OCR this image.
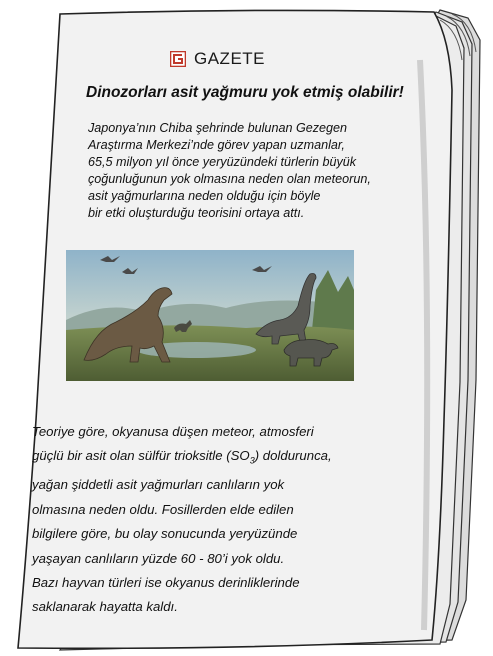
GAZETE
Dinozorları asit yağmuru yok etmiş olabilir!
Japonya’nın Chiba şehrinde bulunan Gezegen
Araştırma Merkezi’nde görev yapan uzmanlar,
65,5 milyon yıl önce yeryüzündeki türlerin büyük
çoğunluğunun yok olmasına neden olan meteorun,
asit yağmurlarına neden olduğu için böyle
bir etki oluşturduğu teorisini ortaya attı.
Teoriye göre, okyanusa düşen meteor, atmosferi
güçlü bir asit olan sülfür trioksitle $(SO_3)$ doldurunca,
yağan şiddetli asit yağmurları canlıların yok
olmasına neden oldu. Fosillerden elde edilen
bilgilere göre, bu olay sonucunda yeryüzünde
yaşayan canlıların yüzde 60 - 80’i yok oldu.
Bazı hayvan türleri ise okyanus derinliklerinde
saklanarak hayatta kaldı.
